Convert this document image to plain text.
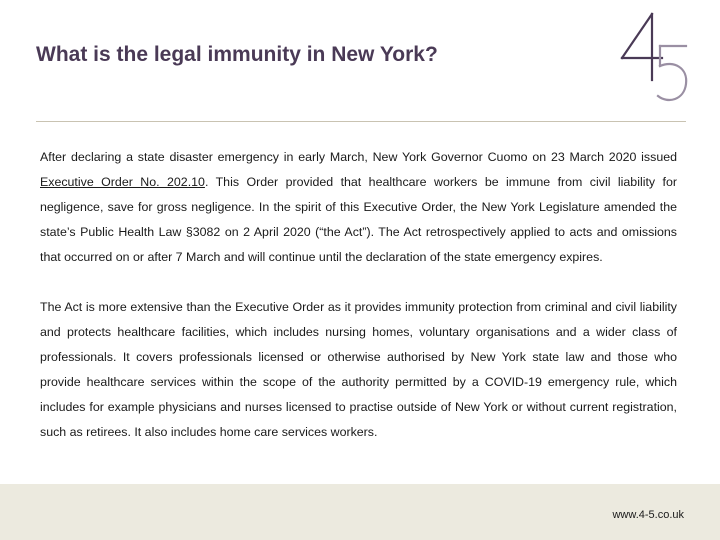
What is the legal immunity in New York?
45

After declaring a state disaster emergency in early March, New York Governor Cuomo on 23 March 2020 issued Executive Order No. 202.10. This Order provided that healthcare workers be immune from civil liability for negligence, save for gross negligence. In the spirit of this Executive Order, the New York Legislature amended the state’s Public Health Law §3082 on 2 April 2020 (“the Act”). The Act retrospectively applied to acts and omissions that occurred on or after 7 March and will continue until the declaration of the state emergency expires.

The Act is more extensive than the Executive Order as it provides immunity protection from criminal and civil liability and protects healthcare facilities, which includes nursing homes, voluntary organisations and a wider class of professionals. It covers professionals licensed or otherwise authorised by New York state law and those who provide healthcare services within the scope of the authority permitted by a COVID-19 emergency rule, which includes for example physicians and nurses licensed to practise outside of New York or without current registration, such as retirees. It also includes home care services workers.

www.4-5.co.uk
